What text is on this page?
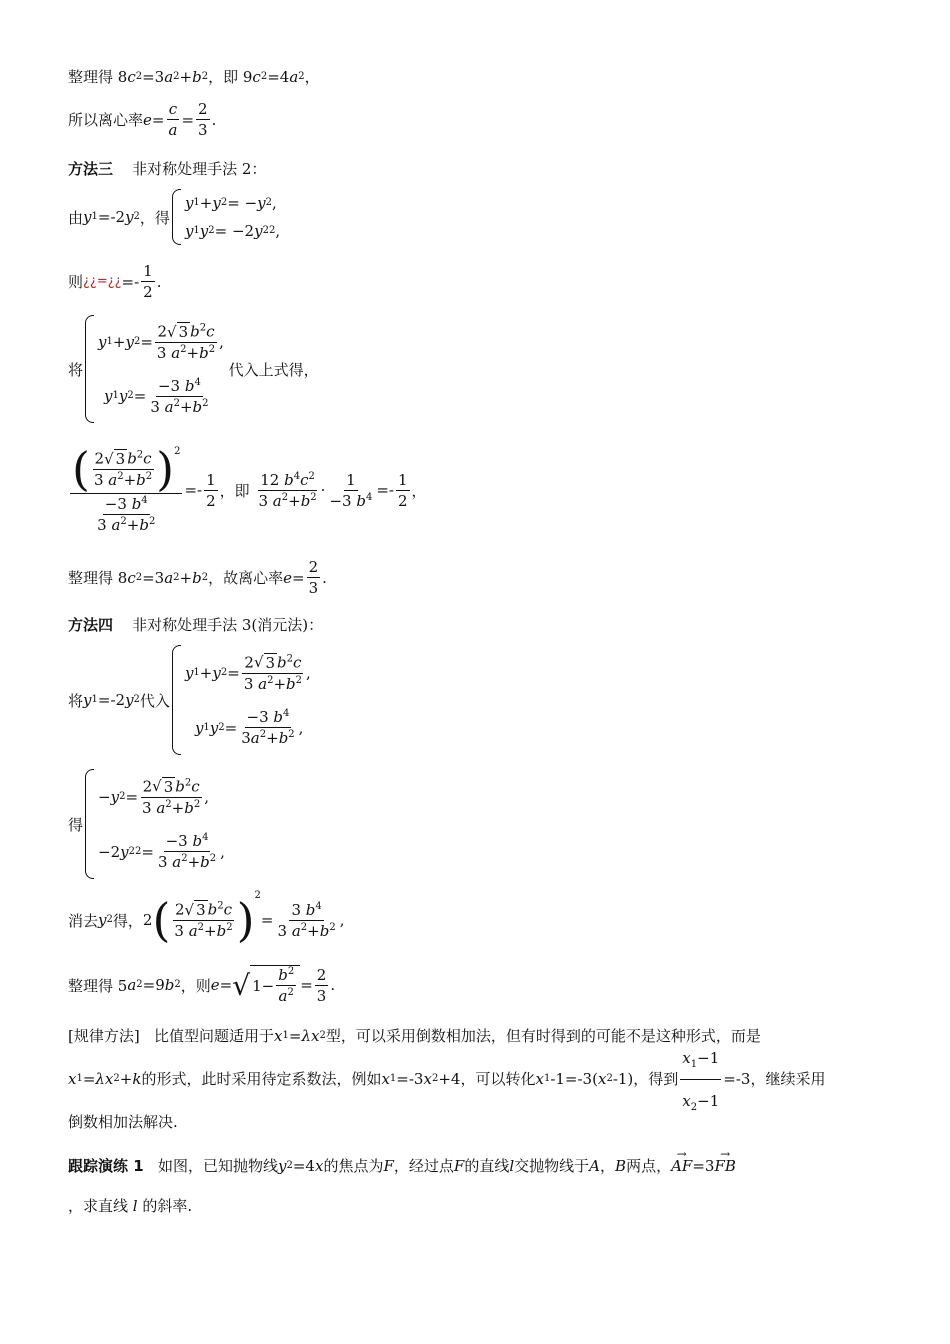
整理得 8 c 2 =3 a 2 + b 2 ，即 9 c 2 =4 a 2 ，
所以离心率 $e = \frac{c}{a} = \frac{2}{3}$ .
方法三
非对称处理手法 2：
由 y 1 =-2 y 2 ，得
y 1 + y 2 = − y 2 ,
y 1 y 2 = −2 y 2 2 ,
则 ¿¿=¿¿ =- $\frac{1}{2}$ .
将
y 1 + y $2 = \frac{2√ 3 b^2c}{3 a^2+b^2}$ ,
y 1 y $2 = \frac{-3 b^4}{3 a^2+b^2}$

代入上式得，
$\frac{( \frac{2√ 3 b^2c}{3 a^2+b^2} ) 2}{\frac{-3 b^4}{3 a^2+b^2}} =- \frac{1}{2}$ ，即
$\frac{12 b^4c^2}{3 a^2+b^2} \cdot \frac{1}{-3 b^4} =- \frac{1}{2}$ ，
整理得 8 c 2 =3 a 2 + b 2 ，故离心率 $e = \frac{2}{3}$ .
方法四
非对称处理手法 3(消元法)：
将 y 1 =-2 y 2 代入
y 1 + y $2 = \frac{2√ 3 b^2c}{3 a^2+b^2}$ ,
y 1 y $2 = \frac{-3 b^4}{3a^2+b^2}$ ,
得
− y $2 = \frac{2√ 3 b^2c}{3 a^2+b^2}$ ,
−2 y 2 $2 = \frac{-3 b^4}{3 a^2+b^2}$ ,
消去 y 2 得， 2 ( $\frac{2√ 3 b^2c}{3 a^2+b^2}$ ) 2
= $\frac{3 b^4}{3 a^2+b^2}$ ,
整理得 5 a 2 =9 b 2 ，则 e = √ $1- \frac{b^2}{a^2} = \frac{2}{3}$ .
[规律方法]
比值型问题适用于 x 1 = λx 2 型，可以采用倒数相加法，但有时得到的可能不是这种形式，而是
x 1 = λx 2 + k 的形式，此时采用待定系数法，例如 x 1 =-3 x 2 +4 ，可以转化 x 1 -1=-3( x 2 -1) ，得到 $\frac{x_1-1}{x_2-1} =-3$，继续采用
倒数相加法解决.
跟踪演练 1
如图，已知抛物线 y 2 =4 x 的焦点为 F ，经过点 F 的直线 l 交抛物线于 A ， B 两点， → AF =3 → FB
，求直线 l 的斜率.
